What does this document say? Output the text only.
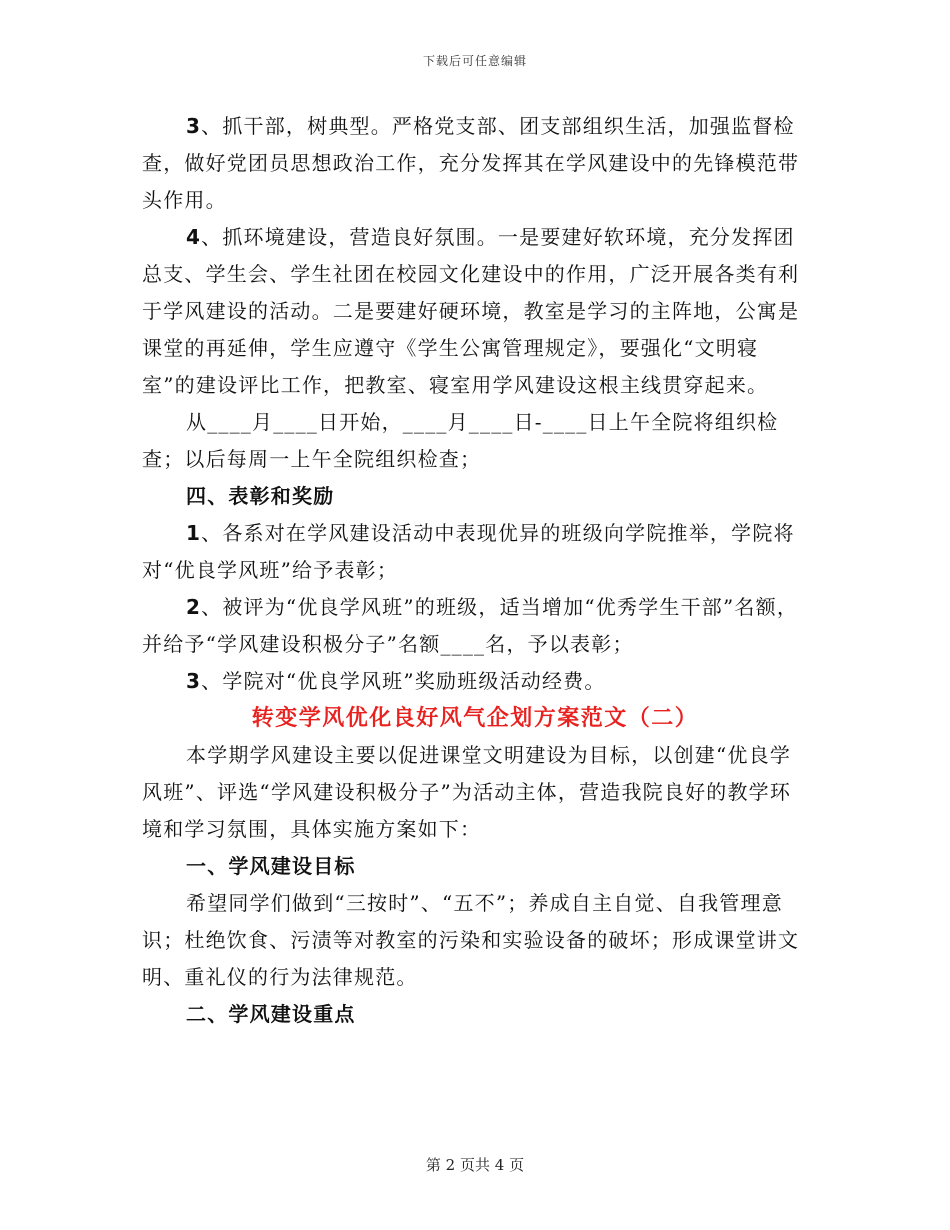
下载后可任意编辑

3、抓干部，树典型。严格党支部、团支部组织生活，加强监督检查，做好党团员思想政治工作，充分发挥其在学风建设中的先锋模范带头作用。

4、抓环境建设，营造良好氛围。一是要建好软环境，充分发挥团总支、学生会、学生社团在校园文化建设中的作用，广泛开展各类有利于学风建设的活动。二是要建好硬环境，教室是学习的主阵地，公寓是课堂的再延伸，学生应遵守《学生公寓管理规定》，要强化“文明寝室”的建设评比工作，把教室、寝室用学风建设这根主线贯穿起来。

从____月____日开始，____月____日-____日上午全院将组织检查；以后每周一上午全院组织检查；

四、表彰和奖励

1、各系对在学风建设活动中表现优异的班级向学院推举，学院将对“优良学风班”给予表彰；

2、被评为“优良学风班”的班级，适当增加“优秀学生干部”名额，并给予“学风建设积极分子”名额____名，予以表彰；

3、学院对“优良学风班”奖励班级活动经费。

转变学风优化良好风气企划方案范文（二）

本学期学风建设主要以促进课堂文明建设为目标，以创建“优良学风班”、评选“学风建设积极分子”为活动主体，营造我院良好的教学环境和学习氛围，具体实施方案如下：

一、学风建设目标

希望同学们做到“三按时”、“五不”；养成自主自觉、自我管理意识；杜绝饮食、污渍等对教室的污染和实验设备的破坏；形成课堂讲文明、重礼仪的行为法律规范。

二、学风建设重点

第 2 页共 4 页
